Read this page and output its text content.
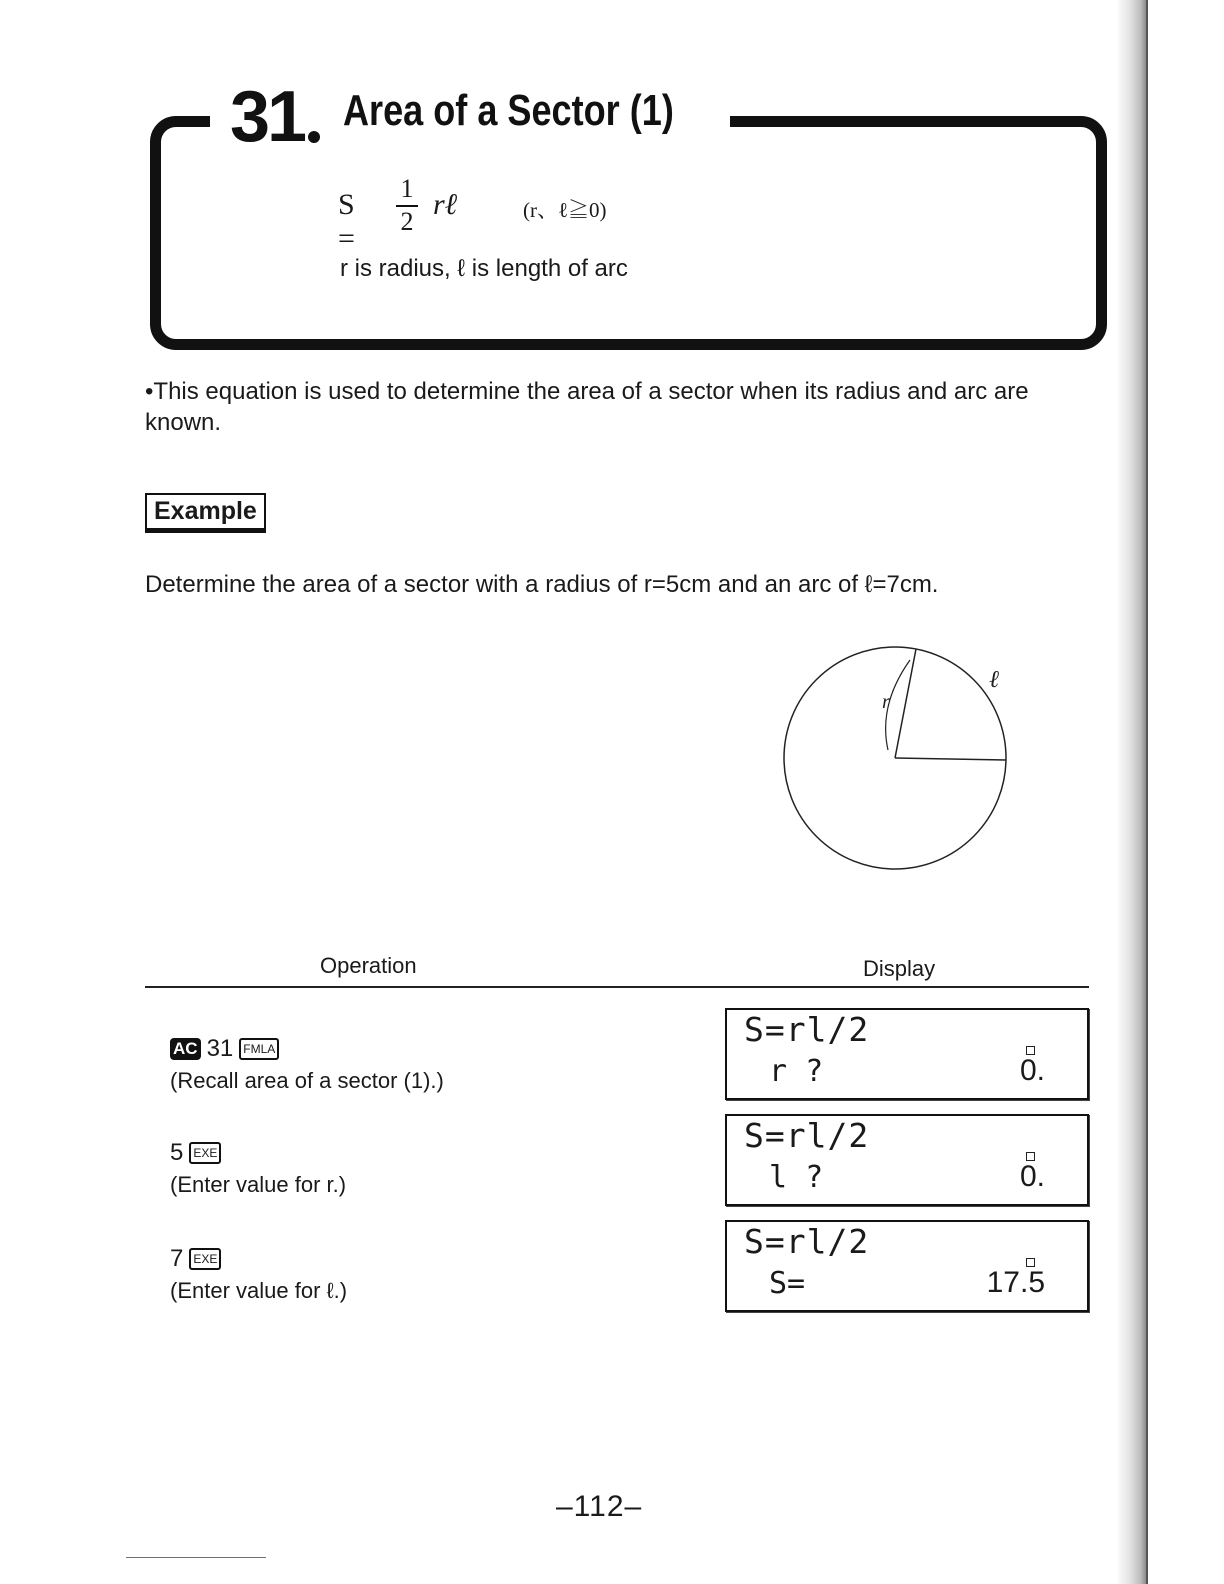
31 Area of a Sector (1)
S =
1
2
rℓ	(r、ℓ≧0)
r is radius, ℓ is length of arc
•This equation is used to determine the area of a sector when its radius and arc are known.
Example
Determine the area of a sector with a radius of r=5cm and an arc of ℓ=7cm.
r
ℓ
Operation	Display
AC 31 FMLA
(Recall area of a sector (1).)
S=rl/2
r ?	0.
5 EXE
(Enter value for r.)
S=rl/2
l ?	0.
7 EXE
(Enter value for ℓ.)
S=rl/2
S=	17.5
–112–
